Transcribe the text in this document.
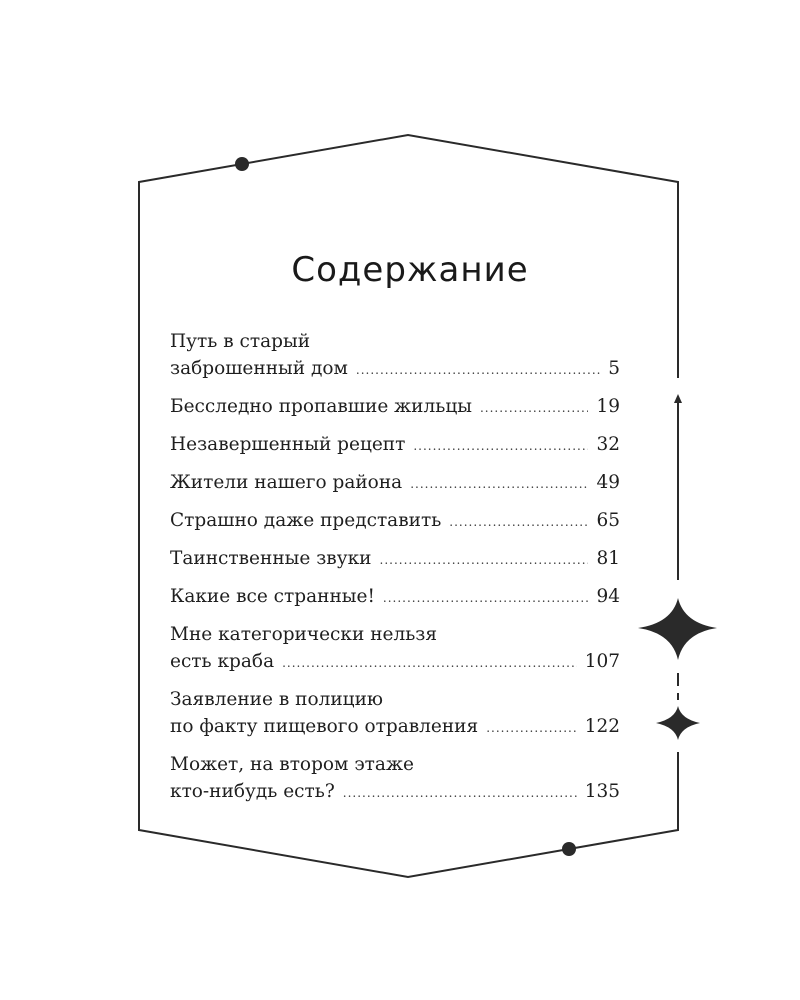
Содержание
Путь в старый
заброшенный дом .....	5
Бесследно пропавшие жильцы .....	19
Незавершенный рецепт .....	32
Жители нашего района .....	49
Страшно даже представить .....	65
Таинственные звуки .....	81
Какие все странные! .....	94
Мне категорически нельзя
есть краба .....	107
Заявление в полицию
по факту пищевого отравления .....	122
Может, на втором этаже
кто-нибудь есть? .....	135
